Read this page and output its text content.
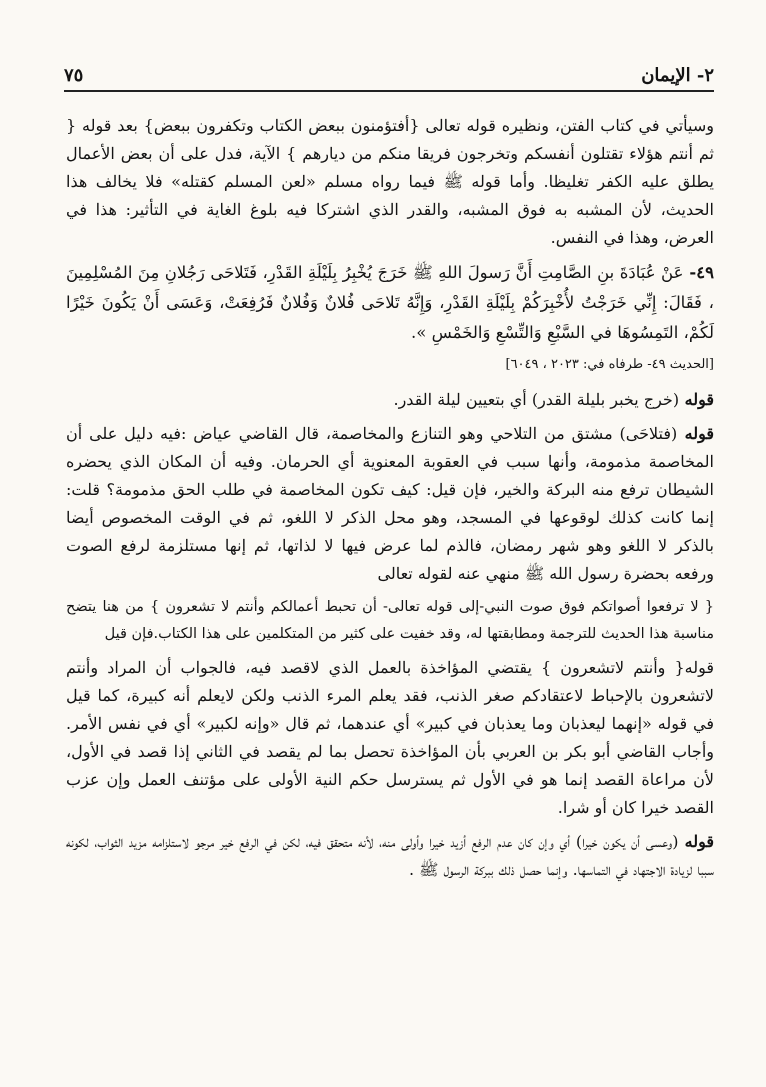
٢- الإيمان
٧٥

وسيأتي في كتاب الفتن، ونظيره قوله تعالى {أفتؤمنون ببعض الكتاب وتكفرون ببعض} بعد قوله { ثم أنتم هؤلاء تقتلون أنفسكم وتخرجون فريقا منكم من ديارهم } الآية، فدل على أن بعض الأعمال يطلق عليه الكفر تغليظا. وأما قوله ﷺ فيما رواه مسلم «لعن المسلم كقتله» فلا يخالف هذا الحديث، لأن المشبه به فوق المشبه، والقدر الذي اشتركا فيه بلوغ الغاية في التأثير: هذا في العرض، وهذا في النفس.

٤٩- عَنْ عُبَادَةَ بنِ الصَّامِتِ أَنَّ رَسولَ اللهِ ﷺ خَرَجَ يُخْبِرُ بِلَيْلَةِ القَدْرِ، فَتَلاحَى رَجُلانِ مِنَ المُسْلِمِينَ ، فَقَالَ: إِنِّي خَرَجْتُ لأُخْبِرَكُمْ بِلَيْلَةِ القَدْرِ، وَإِنَّهُ تَلاحَى فُلانٌ وَفُلانٌ فَرُفِعَتْ، وَعَسَى أَنْ يَكُونَ خَيْرًا لَكُمْ، التَمِسُوهَا في السَّبْعِ وَالتِّسْعِ وَالخَمْسِ ».

[الحديث ٤٩- طرفاه في: ٢٠٢٣ ، ٦٠٤٩]

قوله (خرج يخبر بليلة القدر) أي بتعيين ليلة القدر.

قوله (فتلاحَى) مشتق من التلاحي وهو التنازع والمخاصمة، قال القاضي عياض :فيه دليل على أن المخاصمة مذمومة، وأنها سبب في العقوبة المعنوية أي الحرمان. وفيه أن المكان الذي يحضره الشيطان ترفع منه البركة والخير، فإن قيل: كيف تكون المخاصمة في طلب الحق مذمومة؟ قلت: إنما كانت كذلك لوقوعها في المسجد، وهو محل الذكر لا اللغو، ثم في الوقت المخصوص أيضا بالذكر لا اللغو وهو شهر رمضان، فالذم لما عرض فيها لا لذاتها، ثم إنها مستلزمة لرفع الصوت ورفعه بحضرة رسول الله ﷺ منهي عنه لقوله تعالى

{ لا ترفعوا أصواتكم فوق صوت النبي-إلى قوله تعالى- أن تحبط أعمالكم وأنتم لا تشعرون } من هنا يتضح مناسبة هذا الحديث للترجمة ومطابقتها له، وقد خفيت على كثير من المتكلمين على هذا الكتاب.فإن قيل

قوله{ وأنتم لاتشعرون } يقتضي المؤاخذة بالعمل الذي لاقصد فيه، فالجواب أن المراد وأنتم لاتشعرون بالإحباط لاعتقادكم صغر الذنب، فقد يعلم المرء الذنب ولكن لايعلم أنه كبيرة، كما قيل في قوله «إنهما ليعذبان وما يعذبان في كبير» أي عندهما، ثم قال «وإنه لكبير» أي في نفس الأمر. وأجاب القاضي أبو بكر بن العربي بأن المؤاخذة تحصل بما لم يقصد في الثاني إذا قصد في الأول، لأن مراعاة القصد إنما هو في الأول ثم يسترسل حكم النية الأولى على مؤتنف العمل وإن عزب القصد خيرا كان أو شرا.

قوله (وعسى أن يكون خيرا) أي وإن كان عدم الرفع أزيد خيرا وأولى منه، لأنه متحقق فيه، لكن في الرفع خير مرجو لاستلزامه مزيد الثواب، لكونه سببا لزيادة الاجتهاد في التماسها. وإنما حصل ذلك ببركة الرسول ﷺ .
